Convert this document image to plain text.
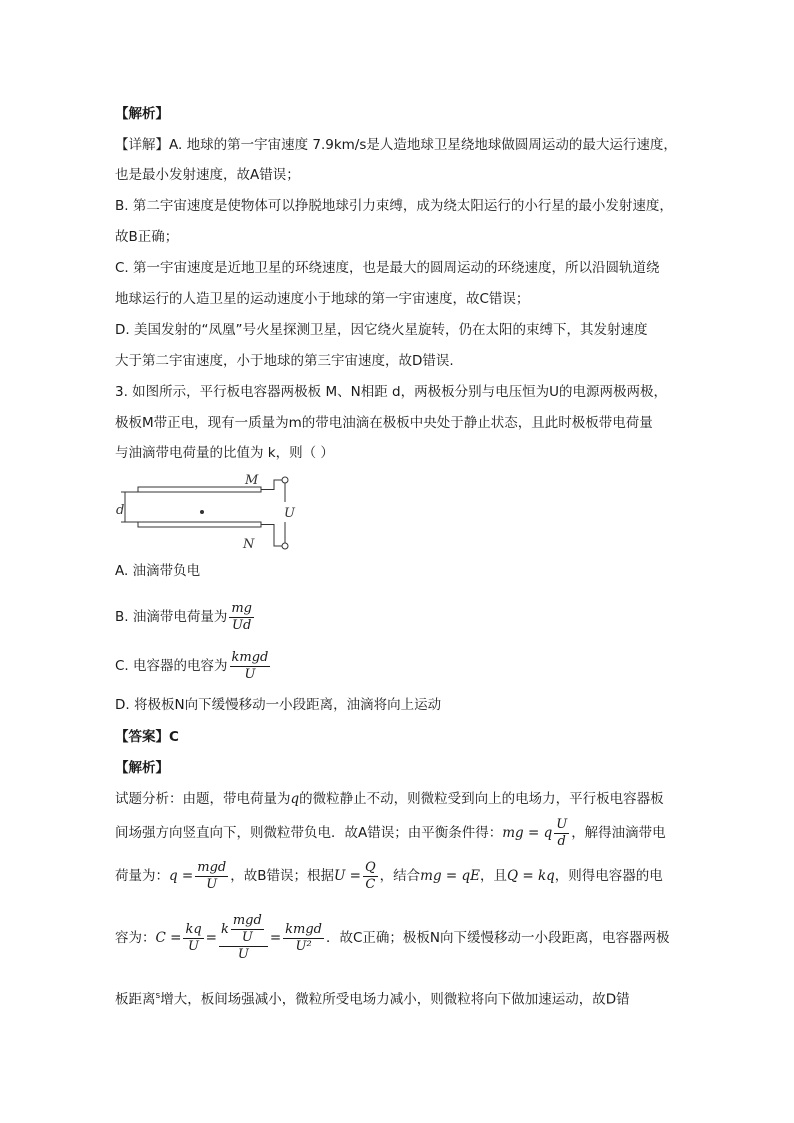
【解析】
【详解】A. 地球的第一宇宙速度 7.9km/s是人造地球卫星绕地球做圆周运动的最大运行速度，
也是最小发射速度，故A错误；
B. 第二宇宙速度是使物体可以挣脱地球引力束缚，成为绕太阳运行的小行星的最小发射速度，
故B正确；
C. 第一宇宙速度是近地卫星的环绕速度，也是最大的圆周运动的环绕速度，所以沿圆轨道绕
地球运行的人造卫星的运动速度小于地球的第一宇宙速度，故C错误；
D. 美国发射的“凤凰”号火星探测卫星，因它绕火星旋转，仍在太阳的束缚下，其发射速度
大于第二宇宙速度，小于地球的第三宇宙速度，故D错误.
3. 如图所示，平行板电容器两极板 M、N相距 d，两极板分别与电压恒为U的电源两极两极，
极板M带正电，现有一质量为m的带电油滴在极板中央处于静止状态，且此时极板带电荷量
与油滴带电荷量的比值为 k，则（ ）
M
N
d	U
A. 油滴带负电
B. 油滴带电荷量为 $\frac{mg}{Ud}$
C. 电容器的电容为 $\frac{\text{kmgd}}{U}$
D. 将极板N向下缓慢移动一小段距离，油滴将向上运动
【答案】C
【解析】
试题分析：由题，带电荷量为q的微粒静止不动，则微粒受到向上的电场力，平行板电容器板
间场强方向竖直向下，则微粒带负电．故A错误；由平衡条件得：mg = q $\frac{U}{d}$ ，解得油滴带电
荷量为：$q = \frac{\text{mgd}}{U}$ ，故B错误；根据$U = \frac{Q}{C}$ ，结合mg = qE，且Q = kq，则得电容器的电
容为：$C = \frac{kq}{U} = \frac{k \frac{\text{mgd}}{U}}{U} = \frac{\text{kmgd}}{\text{U²}}$ ．故C正确；极板N向下缓慢移动一小段距离，电容器两极
板距离$^s$增大，板间场强减小，微粒所受电场力减小，则微粒将向下做加速运动，故D错
